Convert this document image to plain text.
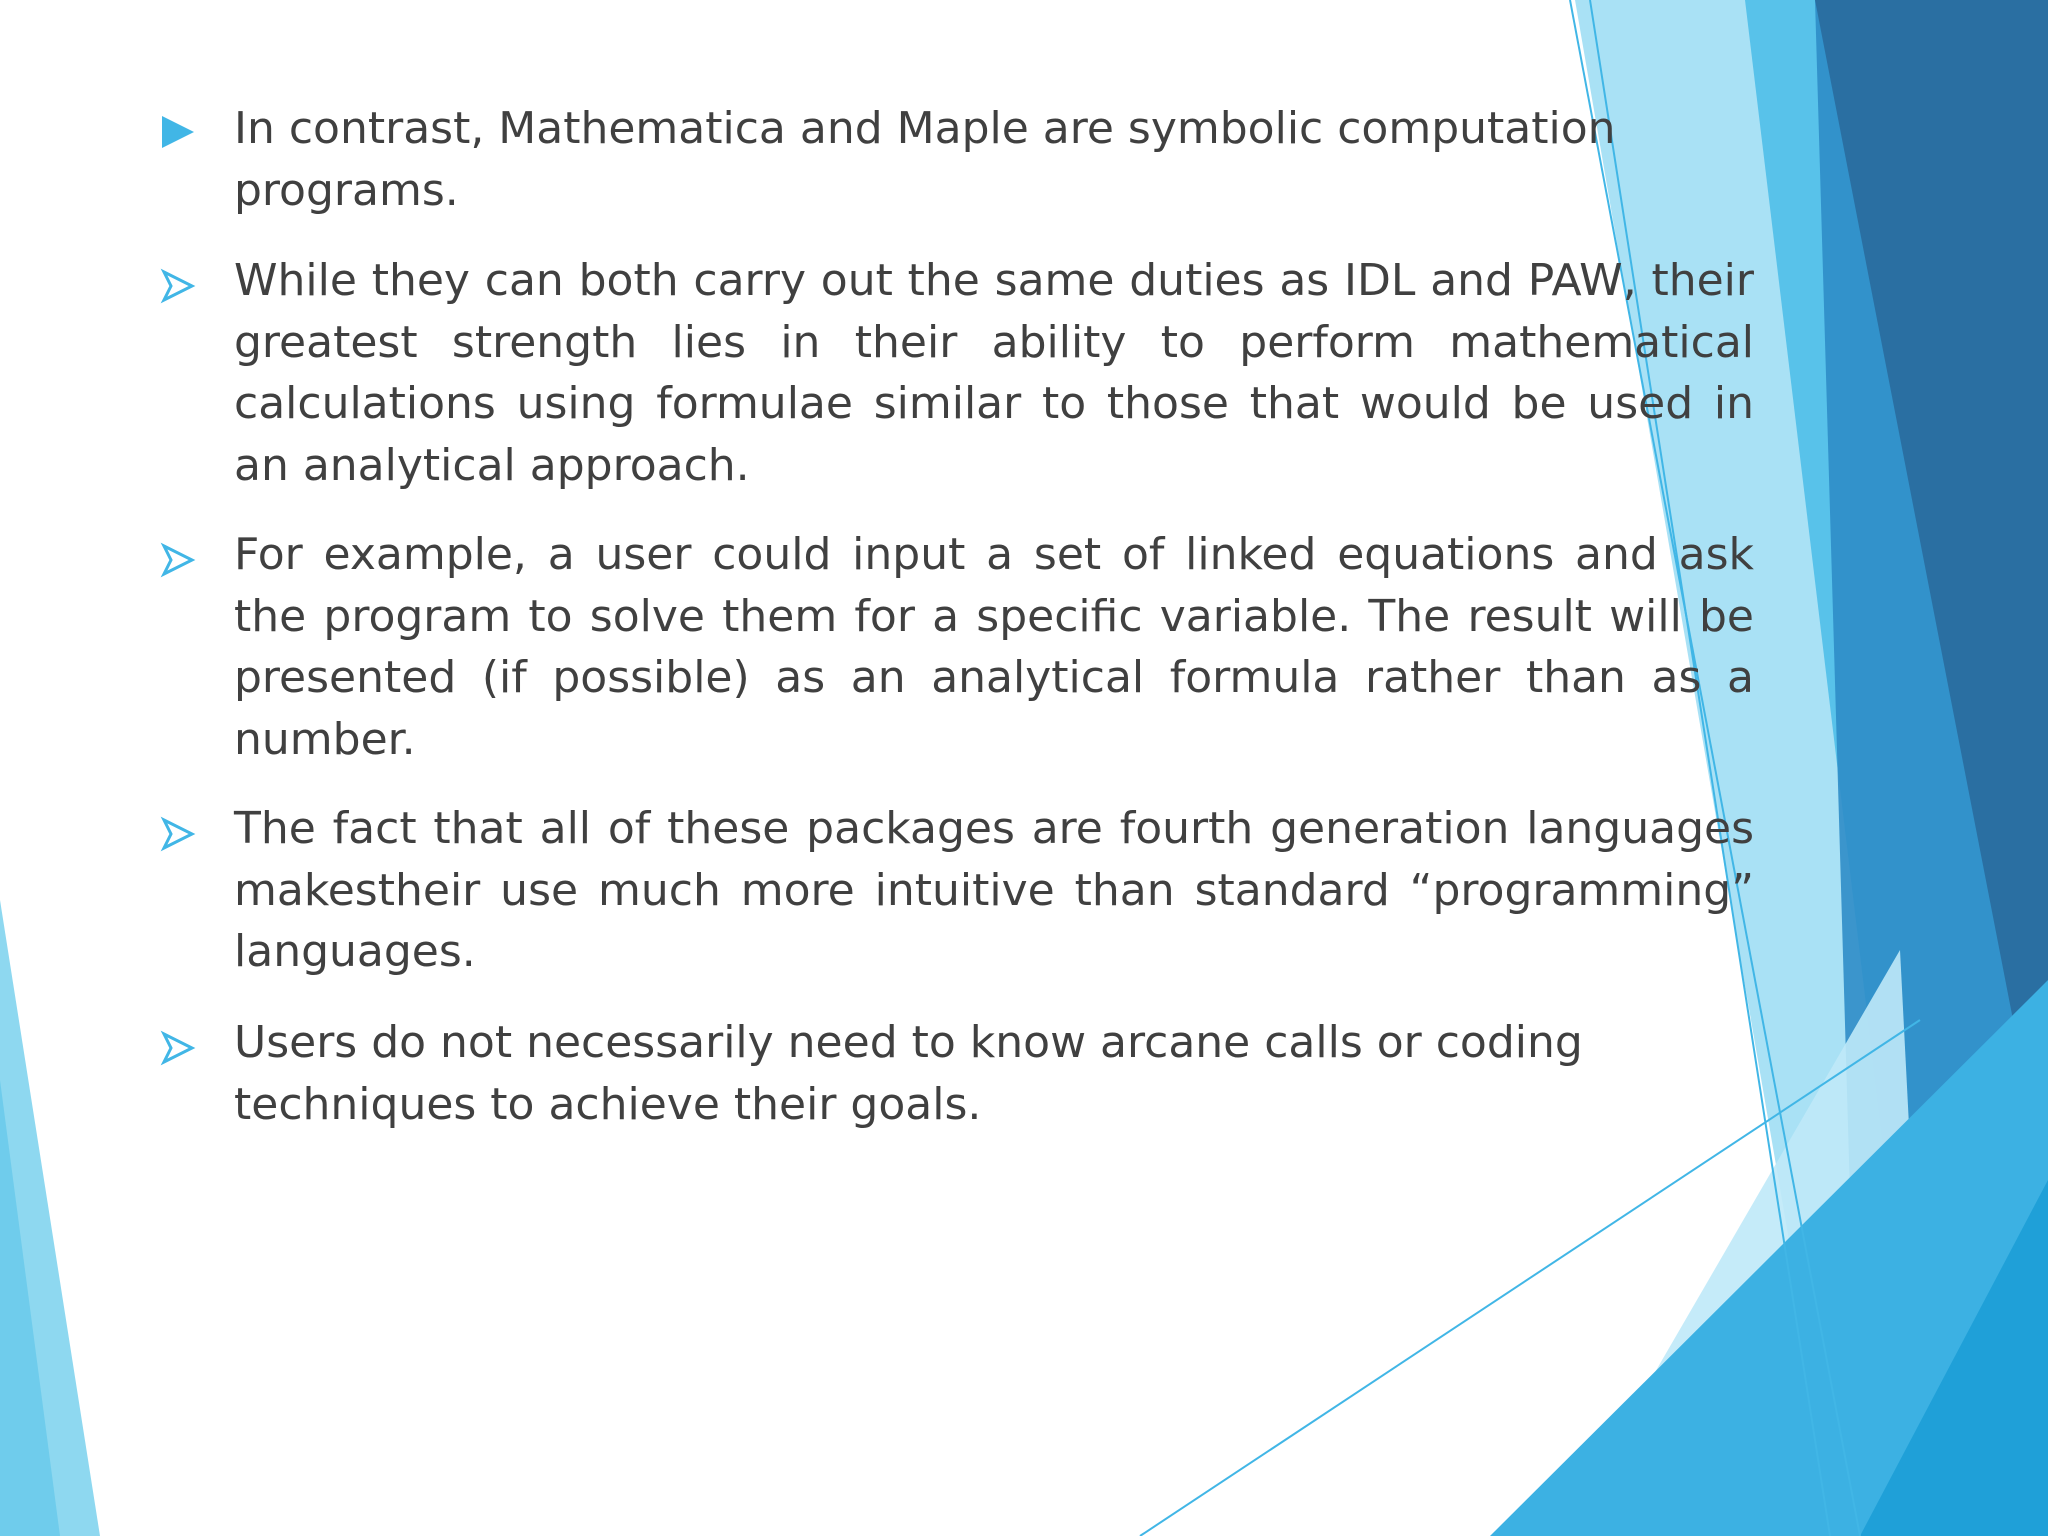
In contrast, Mathematica and Maple are symbolic computation programs.

While they can both carry out the same duties as IDL and PAW, their greatest strength lies in their ability to perform mathematical calculations using formulae similar to those that would be used in an analytical approach.

For example, a user could input a set of linked equations and ask the program to solve them for a specific variable. The result will be presented (if possible) as an analytical formula rather than as a number.

The fact that all of these packages are fourth generation languages makestheir use much more intuitive than standard “programming” languages.

Users do not necessarily need to know arcane calls or coding techniques to achieve their goals.
